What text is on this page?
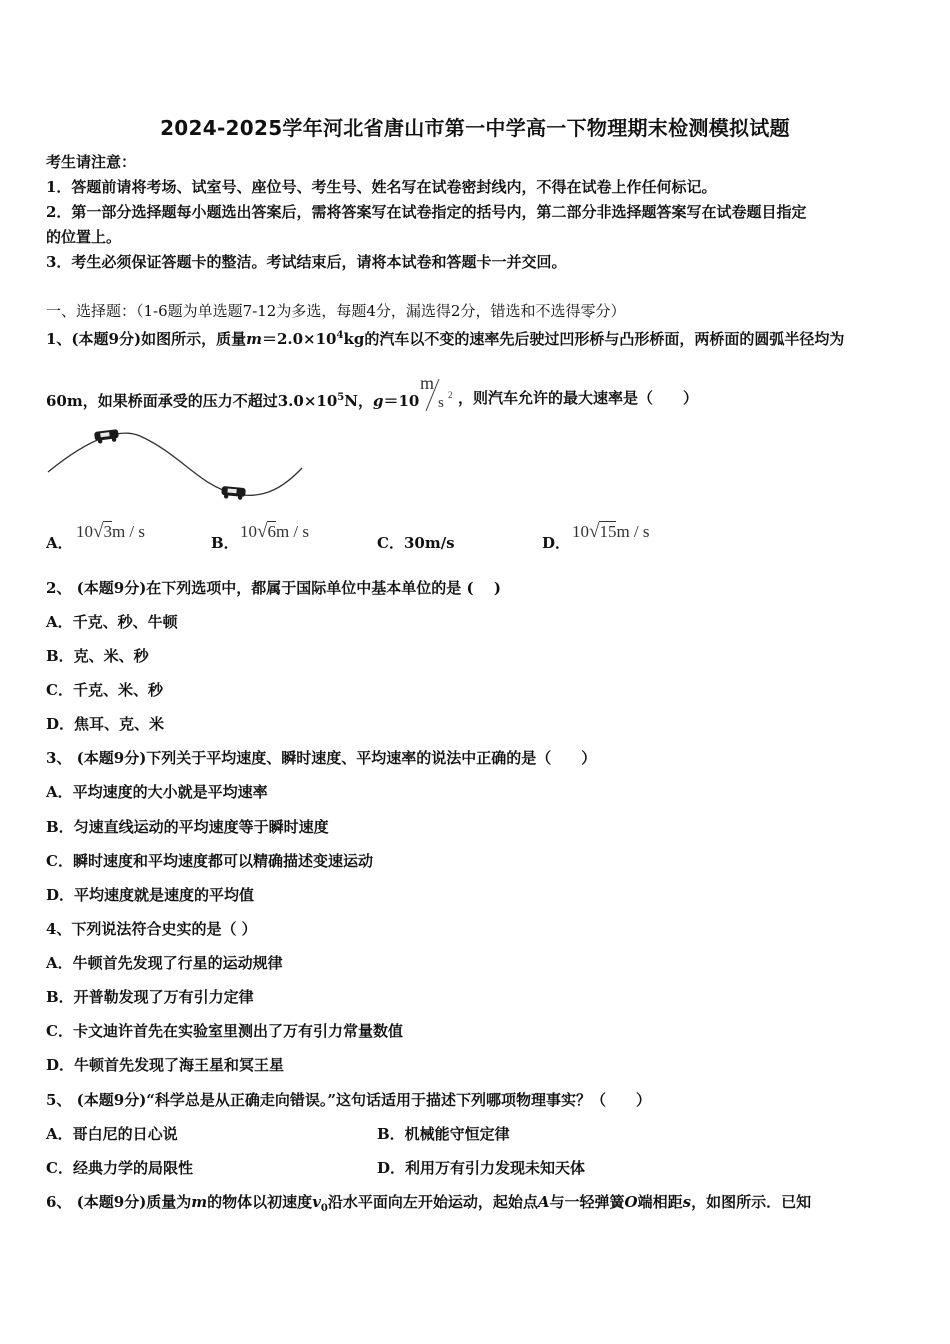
2024-2025学年河北省唐山市第一中学高一下物理期末检测模拟试题
考生请注意：
1．答题前请将考场、试室号、座位号、考生号、姓名写在试卷密封线内，不得在试卷上作任何标记。
2．第一部分选择题每小题选出答案后，需将答案写在试卷指定的括号内，第二部分非选择题答案写在试卷题目指定
的位置上。
3．考生必须保证答题卡的整洁。考试结束后，请将本试卷和答题卡一并交回。
一、选择题：（1-6题为单选题7-12为多选，每题4分，漏选得2分，错选和不选得零分）
1、(本题9分)如图所示，质量$m=2.0\times 10^4kg$的汽车以不变的速率先后驶过凹形桥与凸形桥面，两桥面的圆弧半径均为
60m，如果桥面承受的压力不超过$3.0\times 10^5N$，g＝10
m
s 2 ，则汽车允许的最大速率是（　　）
A．
10√3m / s
B．
10√6m / s
C．30m/s	D．
10√15m / s
2、 (本题9分)在下列选项中，都属于国际单位中基本单位的是 (　 )
A．千克、秒、牛顿
B．克、米、秒
C．千克、米、秒
D．焦耳、克、米
3、 (本题9分)下列关于平均速度、瞬时速度、平均速率的说法中正确的是（　　）
A．平均速度的大小就是平均速率
B．匀速直线运动的平均速度等于瞬时速度
C．瞬时速度和平均速度都可以精确描述变速运动
D．平均速度就是速度的平均值
4、下列说法符合史实的是（ ）
A．牛顿首先发现了行星的运动规律
B．开普勒发现了万有引力定律
C．卡文迪许首先在实验室里测出了万有引力常量数值
D．牛顿首先发现了海王星和冥王星
5、 (本题9分)“科学总是从正确走向错误。”这句话适用于描述下列哪项物理事实？（　　）
A．哥白尼的日心说	B．机械能守恒定律
C．经典力学的局限性	D．利用万有引力发现未知天体
6、 (本题9分)质量为m的物体以初速度$v_0$沿水平面向左开始运动，起始点A与一轻弹簧O端相距s，如图所示．已知
